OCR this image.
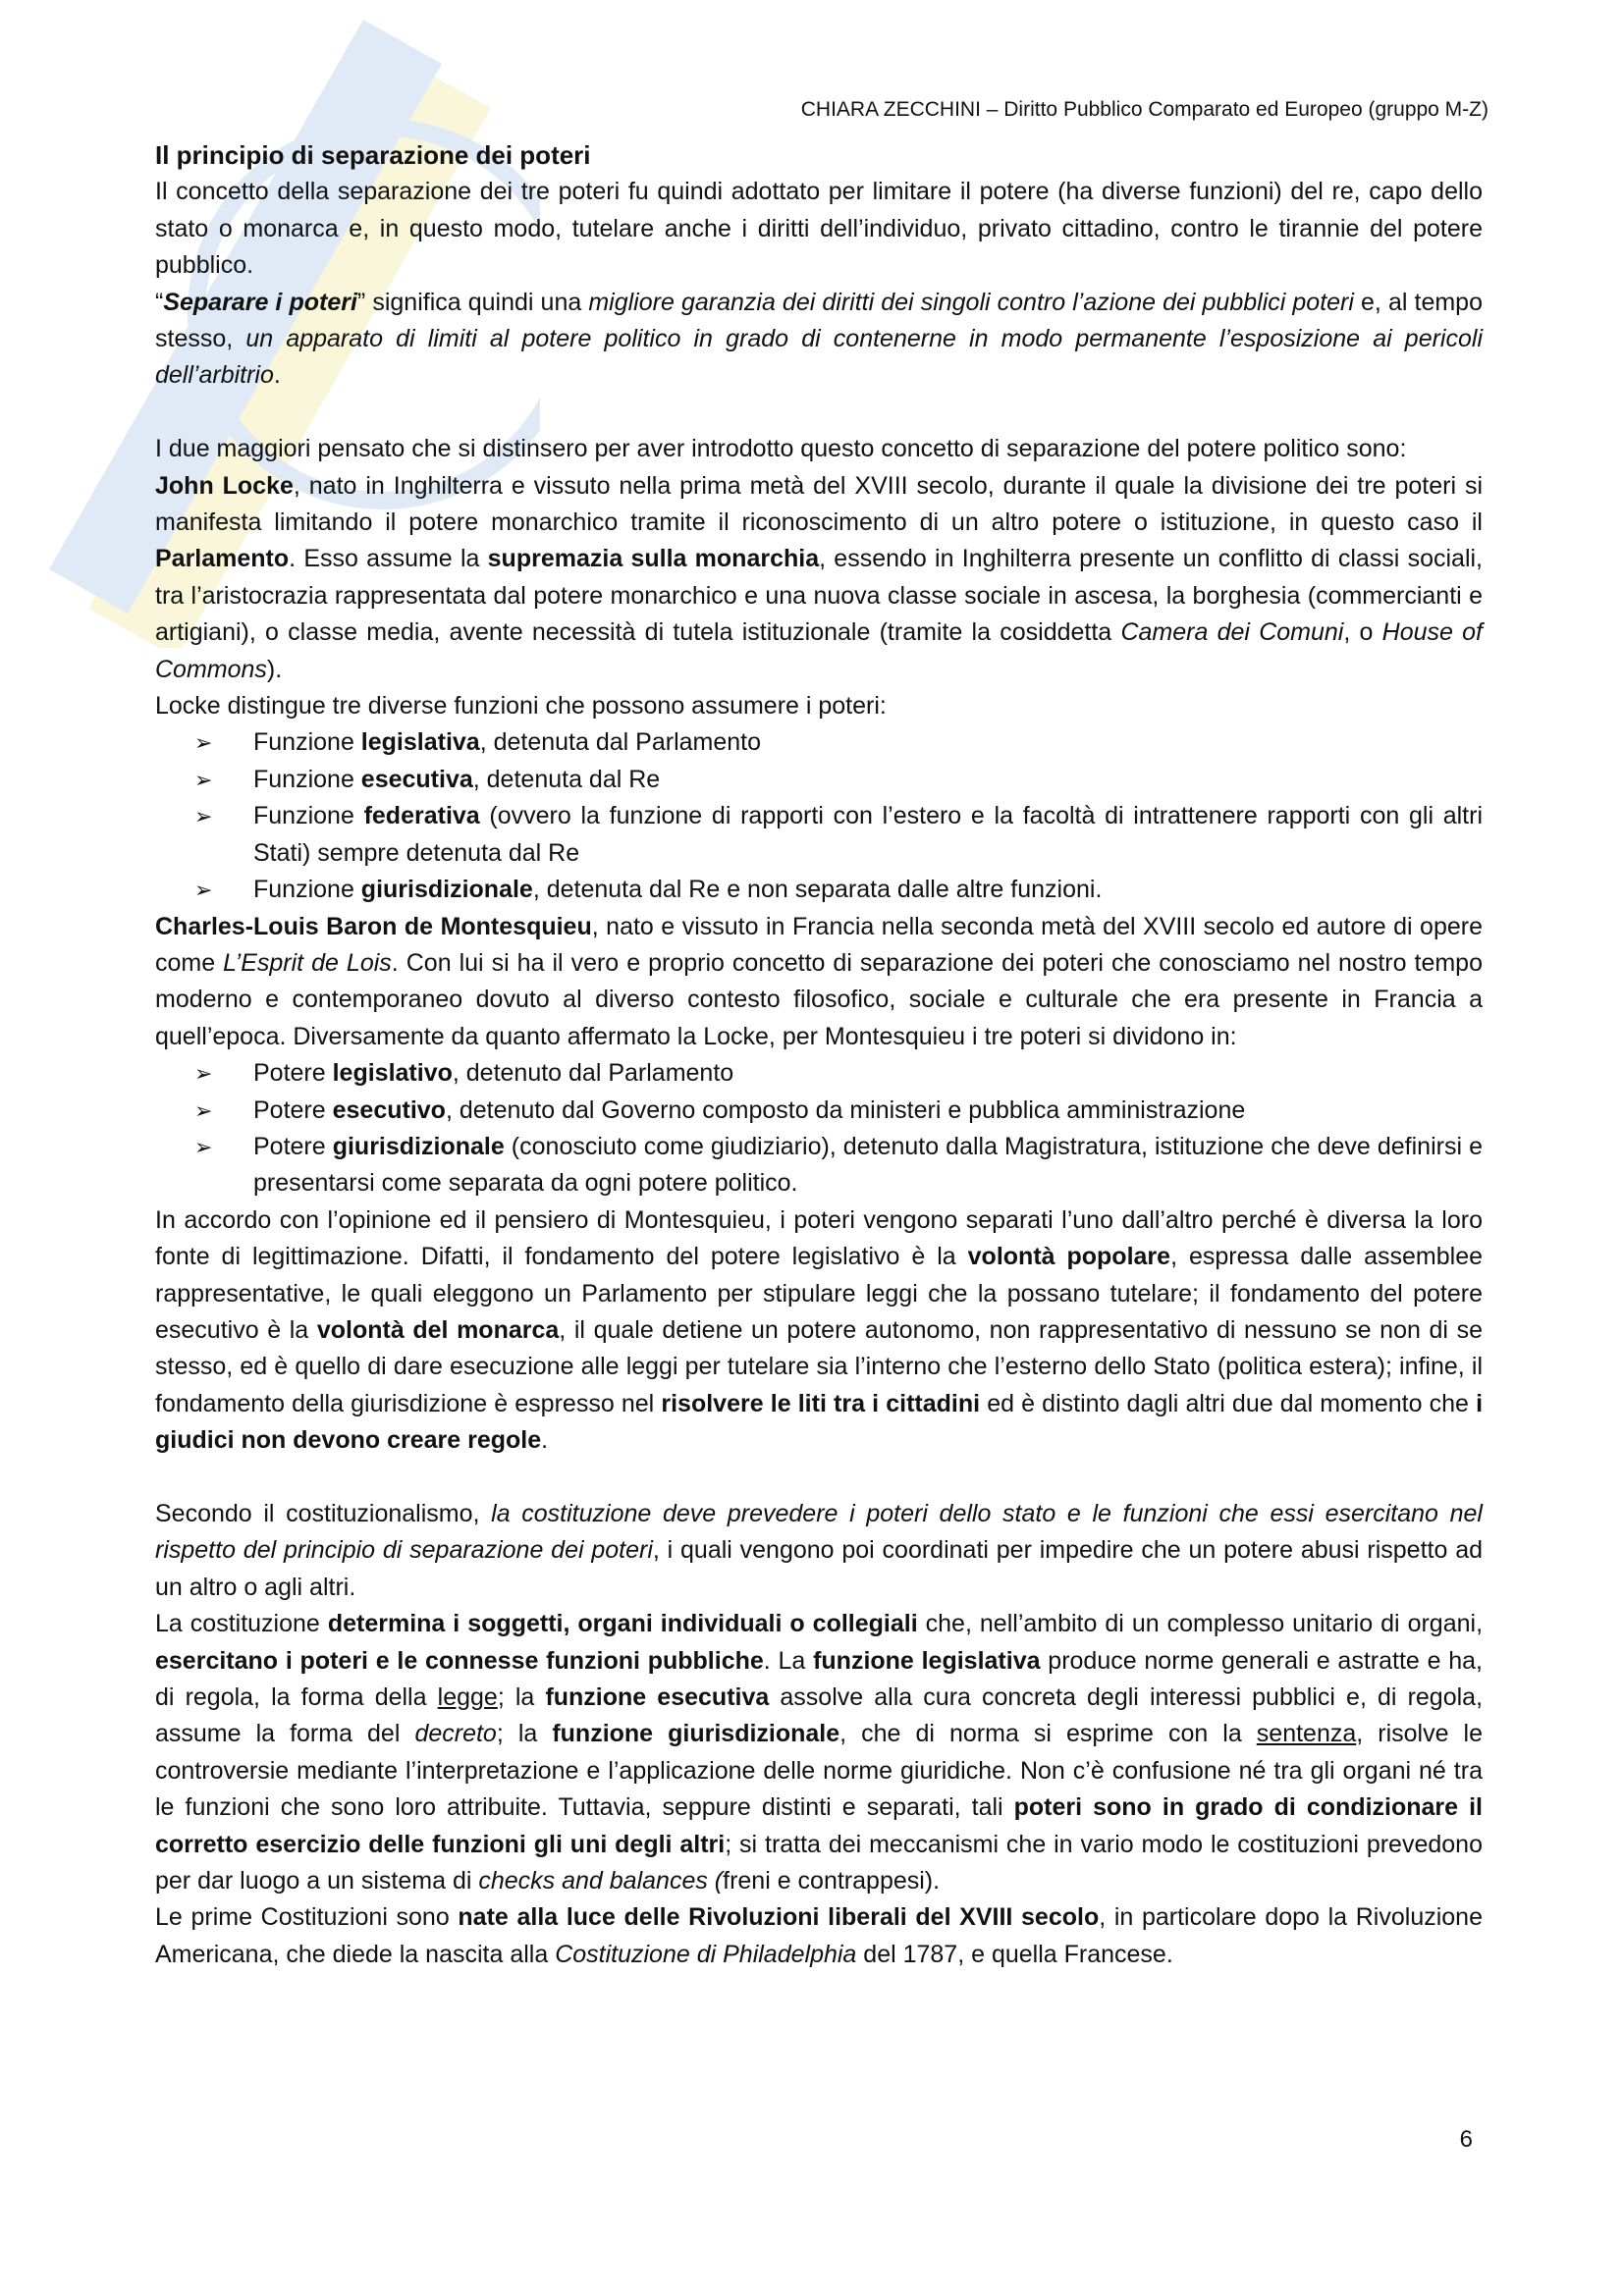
CHIARA ZECCHINI – Diritto Pubblico Comparato ed Europeo (gruppo M-Z)
Il principio di separazione dei poteri

Il concetto della separazione dei tre poteri fu quindi adottato per limitare il potere (ha diverse funzioni) del re, capo dello stato o monarca e, in questo modo, tutelare anche i diritti dell’individuo, privato cittadino, contro le tirannie del potere pubblico.

“Separare i poteri” significa quindi una migliore garanzia dei diritti dei singoli contro l’azione dei pubblici poteri e, al tempo stesso, un apparato di limiti al potere politico in grado di contenerne in modo permanente l’esposizione ai pericoli dell’arbitrio.

I due maggiori pensato che si distinsero per aver introdotto questo concetto di separazione del potere politico sono:

John Locke, nato in Inghilterra e vissuto nella prima metà del XVIII secolo, durante il quale la divisione dei tre poteri si manifesta limitando il potere monarchico tramite il riconoscimento di un altro potere o istituzione, in questo caso il Parlamento. Esso assume la supremazia sulla monarchia, essendo in Inghilterra presente un conflitto di classi sociali, tra l’aristocrazia rappresentata dal potere monarchico e una nuova classe sociale in ascesa, la borghesia (commercianti e artigiani), o classe media, avente necessità di tutela istituzionale (tramite la cosiddetta Camera dei Comuni, o House of Commons).

Locke distingue tre diverse funzioni che possono assumere i poteri:

➢ Funzione legislativa, detenuta dal Parlamento
➢ Funzione esecutiva, detenuta dal Re
➢ Funzione federativa (ovvero la funzione di rapporti con l’estero e la facoltà di intrattenere rapporti con gli altri Stati) sempre detenuta dal Re
➢ Funzione giurisdizionale, detenuta dal Re e non separata dalle altre funzioni.

Charles-Louis Baron de Montesquieu, nato e vissuto in Francia nella seconda metà del XVIII secolo ed autore di opere come L’Esprit de Lois. Con lui si ha il vero e proprio concetto di separazione dei poteri che conosciamo nel nostro tempo moderno e contemporaneo dovuto al diverso contesto filosofico, sociale e culturale che era presente in Francia a quell’epoca. Diversamente da quanto affermato la Locke, per Montesquieu i tre poteri si dividono in:

➢ Potere legislativo, detenuto dal Parlamento
➢ Potere esecutivo, detenuto dal Governo composto da ministeri e pubblica amministrazione
➢ Potere giurisdizionale (conosciuto come giudiziario), detenuto dalla Magistratura, istituzione che deve definirsi e presentarsi come separata da ogni potere politico.

In accordo con l’opinione ed il pensiero di Montesquieu, i poteri vengono separati l’uno dall’altro perché è diversa la loro fonte di legittimazione. Difatti, il fondamento del potere legislativo è la volontà popolare, espressa dalle assemblee rappresentative, le quali eleggono un Parlamento per stipulare leggi che la possano tutelare; il fondamento del potere esecutivo è la volontà del monarca, il quale detiene un potere autonomo, non rappresentativo di nessuno se non di se stesso, ed è quello di dare esecuzione alle leggi per tutelare sia l’interno che l’esterno dello Stato (politica estera); infine, il fondamento della giurisdizione è espresso nel risolvere le liti tra i cittadini ed è distinto dagli altri due dal momento che i giudici non devono creare regole.

Secondo il costituzionalismo, la costituzione deve prevedere i poteri dello stato e le funzioni che essi esercitano nel rispetto del principio di separazione dei poteri, i quali vengono poi coordinati per impedire che un potere abusi rispetto ad un altro o agli altri.

La costituzione determina i soggetti, organi individuali o collegiali che, nell’ambito di un complesso unitario di organi, esercitano i poteri e le connesse funzioni pubbliche. La funzione legislativa produce norme generali e astratte e ha, di regola, la forma della legge; la funzione esecutiva assolve alla cura concreta degli interessi pubblici e, di regola, assume la forma del decreto; la funzione giurisdizionale, che di norma si esprime con la sentenza, risolve le controversie mediante l’interpretazione e l’applicazione delle norme giuridiche. Non c’è confusione né tra gli organi né tra le funzioni che sono loro attribuite. Tuttavia, seppure distinti e separati, tali poteri sono in grado di condizionare il corretto esercizio delle funzioni gli uni degli altri; si tratta dei meccanismi che in vario modo le costituzioni prevedono per dar luogo a un sistema di checks and balances (freni e contrappesi).

Le prime Costituzioni sono nate alla luce delle Rivoluzioni liberali del XVIII secolo, in particolare dopo la Rivoluzione Americana, che diede la nascita alla Costituzione di Philadelphia del 1787, e quella Francese.

6
